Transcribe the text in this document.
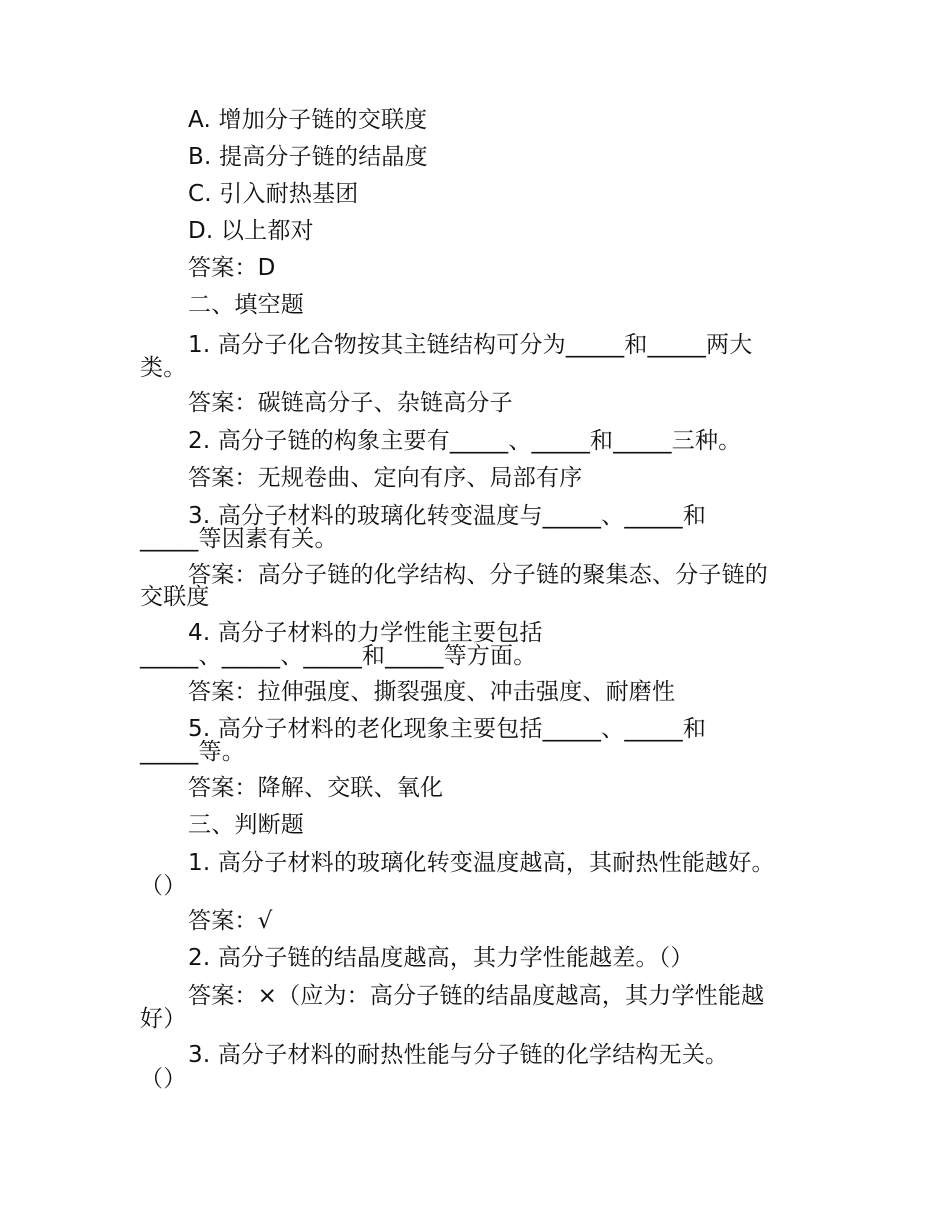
A. 增加分子链的交联度
B. 提高分子链的结晶度
C. 引入耐热基团
D. 以上都对
答案：D
二、填空题
1. 高分子化合物按其主链结构可分为_____和_____两大
类。
答案：碳链高分子、杂链高分子
2. 高分子链的构象主要有_____、_____和_____三种。
答案：无规卷曲、定向有序、局部有序
3. 高分子材料的玻璃化转变温度与_____、_____和
_____等因素有关。
答案：高分子链的化学结构、分子链的聚集态、分子链的
交联度
4. 高分子材料的力学性能主要包括
_____、_____、_____和_____等方面。
答案：拉伸强度、撕裂强度、冲击强度、耐磨性
5. 高分子材料的老化现象主要包括_____、_____和
_____等。
答案：降解、交联、氧化
三、判断题
1. 高分子材料的玻璃化转变温度越高，其耐热性能越好。
（）
答案：√
2. 高分子链的结晶度越高，其力学性能越差。（）
答案：×（应为：高分子链的结晶度越高，其力学性能越
好）
3. 高分子材料的耐热性能与分子链的化学结构无关。
（）
